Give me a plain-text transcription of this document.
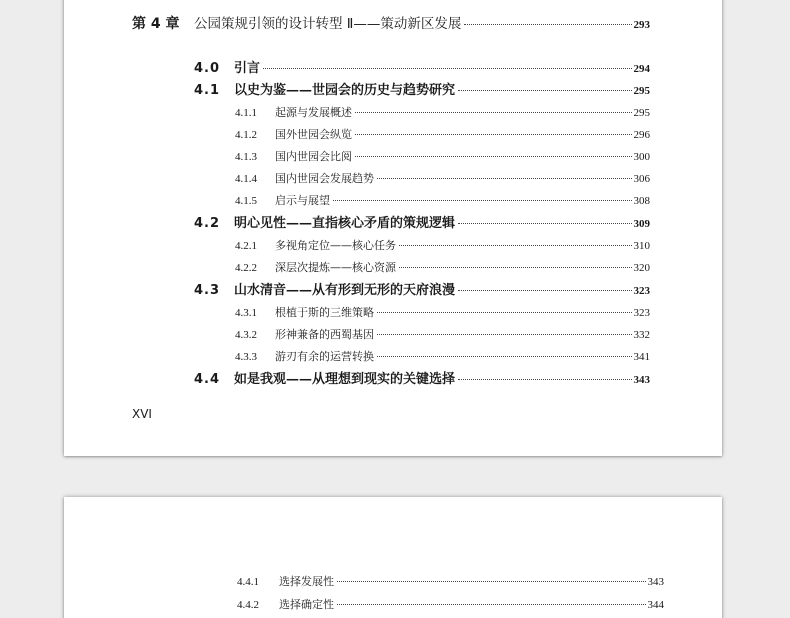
第 4 章	公园策规引领的设计转型 Ⅱ——策动新区发展	293
4.0	引言	294
4.1	以史为鉴——世园会的历史与趋势研究	295
4.1.1	起源与发展概述	295
4.1.2	国外世园会纵览	296
4.1.3	国内世园会比阅	300
4.1.4	国内世园会发展趋势	306
4.1.5	启示与展望	308
4.2	明心见性——直指核心矛盾的策规逻辑	309
4.2.1	多视角定位——核心任务	310
4.2.2	深层次提炼——核心资源	320
4.3	山水清音——从有形到无形的天府浪漫	323
4.3.1	根植于斯的三维策略	323
4.3.2	形神兼备的西蜀基因	332
4.3.3	游刃有余的运营转换	341
4.4	如是我观——从理想到现实的关键选择	343
XVI
4.4.1	选择发展性	343
4.4.2	选择确定性	344
